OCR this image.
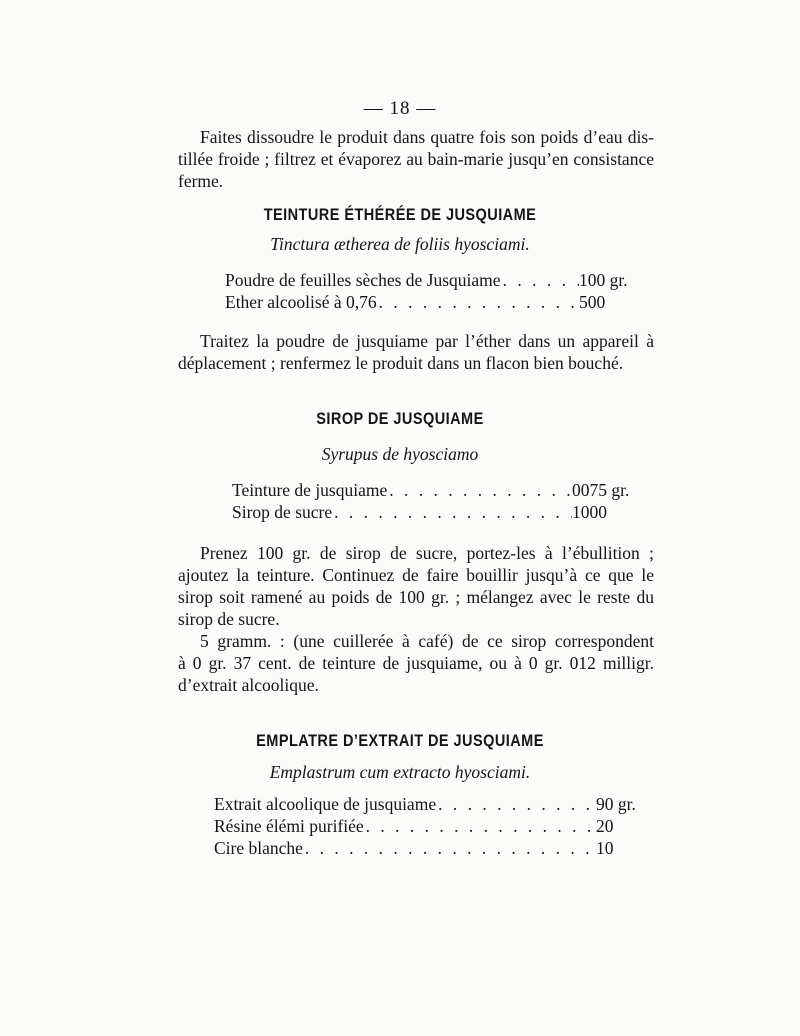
— 18 —
Faites dissoudre le produit dans quatre fois son poids d’eau dis-
tillée froide ; filtrez et évaporez au bain-marie jusqu’en consistance
ferme.
TEINTURE ÉTHÉRÉE DE JUSQUIAME
Tinctura ætherea de foliis hyosciami.
Poudre de feuilles sèches de Jusquiame . . .	100 gr.
Ether alcoolisé à 0,76 . . .	500
Traitez la poudre de jusquiame par l’éther dans un appareil à
déplacement ; renfermez le produit dans un flacon bien bouché.
SIROP DE JUSQUIAME
Syrupus de hyosciamo
Teinture de jusquiame . . .	0075 gr.
Sirop de sucre . . .	1000
Prenez 100 gr. de sirop de sucre, portez-les à l’ébullition ;
ajoutez la teinture. Continuez de faire bouillir jusqu’à ce que le
sirop soit ramené au poids de 100 gr. ; mélangez avec le reste du
sirop de sucre.
5 gramm. : (une cuillerée à café) de ce sirop correspondent
à 0 gr. 37 cent. de teinture de jusquiame, ou à 0 gr. 012 milligr.
d’extrait alcoolique.
EMPLATRE D’EXTRAIT DE JUSQUIAME
Emplastrum cum extracto hyosciami.
Extrait alcoolique de jusquiame . . .	90 gr.
Résine élémi purifiée . . .	20
Cire blanche . . .	10
